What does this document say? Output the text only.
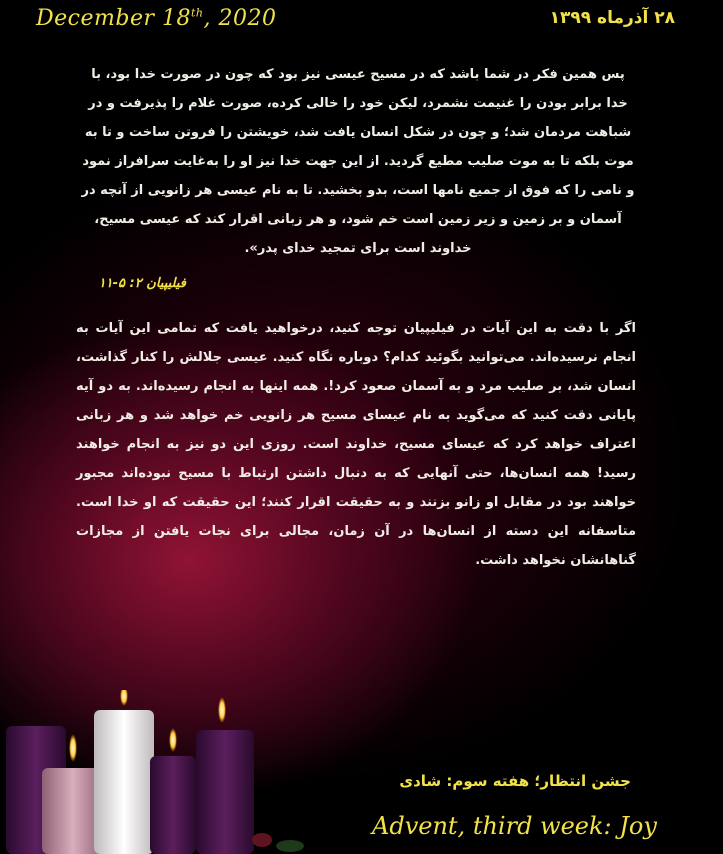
December 18th, 2020	۲۸ آذرماه ۱۳۹۹
پس همین فکر در شما باشد که در مسیح عیسی نیز بود که چون در صورت خدا بود، با خدا برابر بودن را غنیمت نشمرد، لیکن خود را خالی کرده، صورت غلام را پذیرفت و در شباهت مردمان شد؛ و چون در شکل انسان یافت شد، خویشتن را فروتن ساخت و تا به موت بلکه تا به موت صلیب مطیع گردید. از این جهت خدا نیز او را به‌غایت سرافراز نمود و نامی را که فوق از جمیع نامها است، بدو بخشید. تا به نام عیسی هر زانویی از آنچه در آسمان و بر زمین و زیر زمین است خم شود، و هر زبانی اقرار کند که عیسی مسیح، خداوند است برای تمجید خدای پدر».
فیلیپیان ۲: ۵-۱۱
اگر با دقت به این آیات در فیلیپیان توجه کنید، درخواهید یافت که تمامی این آیات به انجام نرسیده‌اند. می‌توانید بگوئید کدام؟ دوباره نگاه کنید. عیسی جلالش را کنار گذاشت، انسان شد، بر صلیب مرد و به آسمان صعود کرد!. همه اینها به انجام رسیده‌اند. به دو آیه پایانی دقت کنید که می‌گوید به نام عیسای مسیح هر زانویی خم خواهد شد و هر زبانی اعتراف خواهد کرد که عیسای مسیح، خداوند است. روزی این دو نیز به انجام خواهند رسید! همه انسان‌ها، حتی آنهایی که به دنبال داشتن ارتباط با مسیح نبوده‌اند مجبور خواهند بود در مقابل او زانو بزنند و به حقیقت اقرار کنند؛ این حقیقت که او خدا است. متاسفانه این دسته از انسان‌ها در آن زمان، مجالی برای نجات یافتن از مجازات گناهانشان نخواهد داشت.
جشن انتظار؛ هفته سوم: شادی
Advent, third week: Joy
